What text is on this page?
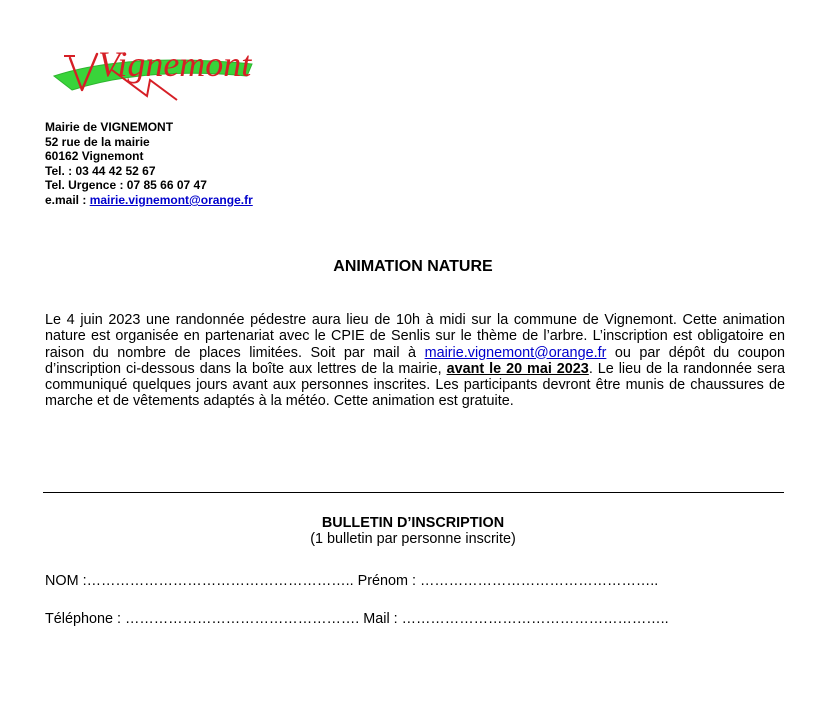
Vignemont
Mairie de VIGNEMONT
52 rue de la mairie
60162 Vignemont
Tel. : 03 44 42 52 67
Tel. Urgence : 07 85 66 07 47
e.mail : mairie.vignemont@orange.fr
ANIMATION NATURE
Le 4 juin 2023 une randonnée pédestre aura lieu de 10h à midi sur la commune de Vignemont. Cette animation nature est organisée en partenariat avec le CPIE de Senlis sur le thème de l’arbre. L’inscription est obligatoire en raison du nombre de places limitées. Soit par mail à mairie.vignemont@orange.fr ou par dépôt du coupon d’inscription ci-dessous dans la boîte aux lettres de la mairie, avant le 20 mai 2023. Le lieu de la randonnée sera communiqué quelques jours avant aux personnes inscrites. Les participants devront être munis de chaussures de marche et de vêtements adaptés à la météo. Cette animation est gratuite.
BULLETIN D’INSCRIPTION
(1 bulletin par personne inscrite)
NOM :……………………………………………….. Prénom : …………………………………………..
Téléphone : …………………………………………. Mail : ………………………………………………..
